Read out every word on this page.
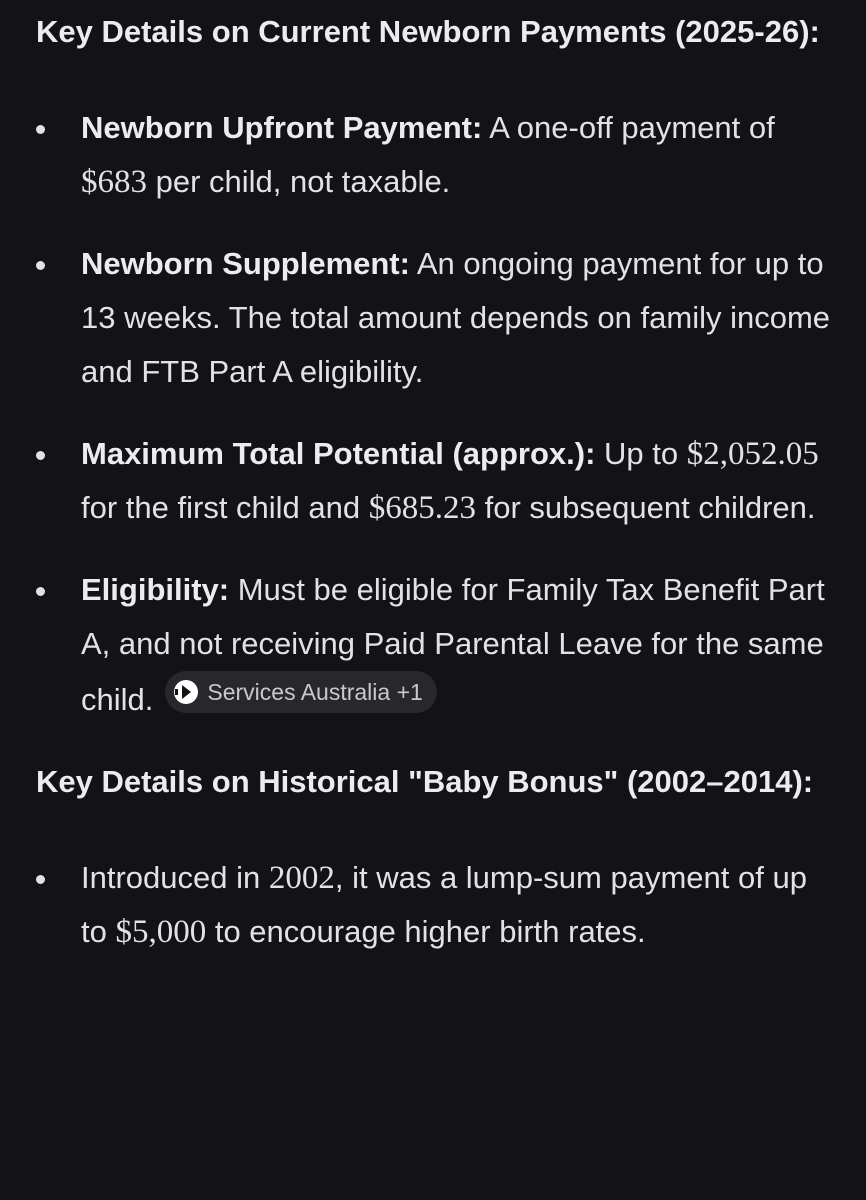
Key Details on Current Newborn Payments (2025-26):
Newborn Upfront Payment: A one-off payment of $683 per child, not taxable.
Newborn Supplement: An ongoing payment for up to 13 weeks. The total amount depends on family income and FTB Part A eligibility.
Maximum Total Potential (approx.): Up to $2,052.05 for the first child and $685.23 for subsequent children.
Eligibility: Must be eligible for Family Tax Benefit Part A, and not receiving Paid Parental Leave for the same child. Services Australia +1
Key Details on Historical "Baby Bonus" (2002–2014):
Introduced in 2002, it was a lump-sum payment of up to $5,000 to encourage higher birth rates.
